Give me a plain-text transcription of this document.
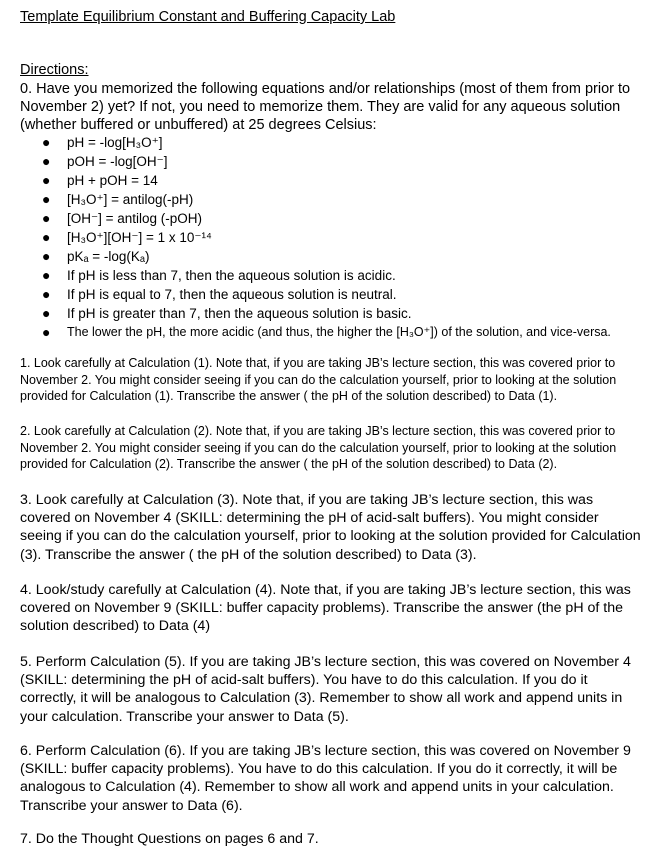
Template Equilibrium Constant and Buffering Capacity Lab
Directions:
0. Have you memorized the following equations and/or relationships (most of them from prior to November 2) yet? If not, you need to memorize them. They are valid for any aqueous solution (whether buffered or unbuffered) at 25 degrees Celsius:
● pH = -log[H₃O⁺]
● pOH = -log[OH⁻]
● pH + pOH = 14
● [H₃O⁺] = antilog(-pH)
● [OH⁻] = antilog (-pOH)
● [H₃O⁺][OH⁻] = 1 x 10⁻¹⁴
● pKₐ = -log(Kₐ)
● If pH is less than 7, then the aqueous solution is acidic.
● If pH is equal to 7, then the aqueous solution is neutral.
● If pH is greater than 7, then the aqueous solution is basic.
● The lower the pH, the more acidic (and thus, the higher the [H₃O⁺]) of the solution, and vice-versa.
1. Look carefully at Calculation (1). Note that, if you are taking JB’s lecture section, this was covered prior to November 2. You might consider seeing if you can do the calculation yourself, prior to looking at the solution provided for Calculation (1). Transcribe the answer ( the pH of the solution described) to Data (1).
2. Look carefully at Calculation (2). Note that, if you are taking JB’s lecture section, this was covered prior to November 2. You might consider seeing if you can do the calculation yourself, prior to looking at the solution provided for Calculation (2). Transcribe the answer ( the pH of the solution described) to Data (2).
3. Look carefully at Calculation (3). Note that, if you are taking JB’s lecture section, this was covered on November 4 (SKILL: determining the pH of acid-salt buffers). You might consider seeing if you can do the calculation yourself, prior to looking at the solution provided for Calculation (3). Transcribe the answer ( the pH of the solution described) to Data (3).
4. Look/study carefully at Calculation (4). Note that, if you are taking JB’s lecture section, this was covered on November 9 (SKILL: buffer capacity problems). Transcribe the answer (the pH of the solution described) to Data (4)
5. Perform Calculation (5). If you are taking JB’s lecture section, this was covered on November 4 (SKILL: determining the pH of acid-salt buffers). You have to do this calculation. If you do it correctly, it will be analogous to Calculation (3). Remember to show all work and append units in your calculation. Transcribe your answer to Data (5).
6. Perform Calculation (6). If you are taking JB’s lecture section, this was covered on November 9 (SKILL: buffer capacity problems). You have to do this calculation. If you do it correctly, it will be analogous to Calculation (4). Remember to show all work and append units in your calculation. Transcribe your answer to Data (6).
7. Do the Thought Questions on pages 6 and 7.
